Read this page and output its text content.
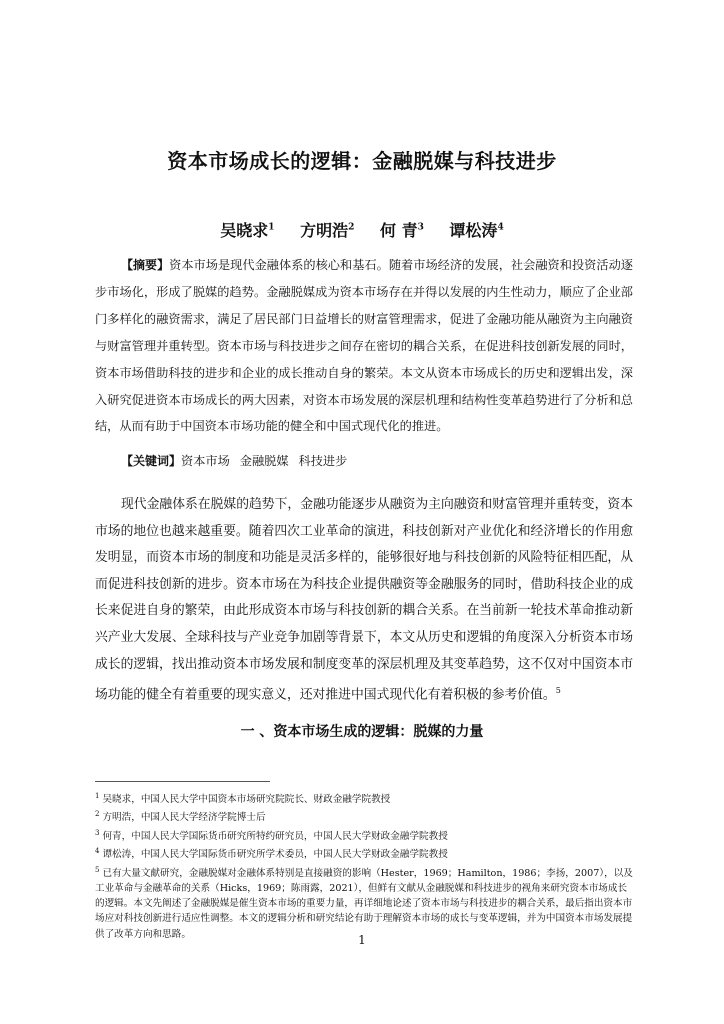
资本市场成长的逻辑：金融脱媒与科技进步

吴晓求$^1$ 方明浩$^2$ 何 青$^3$ 谭松涛$^4$

【摘要】资本市场是现代金融体系的核心和基石。随着市场经济的发展，社会融资和投资活动逐步市场化，形成了脱媒的趋势。金融脱媒成为资本市场存在并得以发展的内生性动力，顺应了企业部门多样化的融资需求，满足了居民部门日益增长的财富管理需求，促进了金融功能从融资为主向融资与财富管理并重转型。资本市场与科技进步之间存在密切的耦合关系，在促进科技创新发展的同时，资本市场借助科技的进步和企业的成长推动自身的繁荣。本文从资本市场成长的历史和逻辑出发，深入研究促进资本市场成长的两大因素，对资本市场发展的深层机理和结构性变革趋势进行了分析和总结，从而有助于中国资本市场功能的健全和中国式现代化的推进。

【关键词】资本市场 金融脱媒 科技进步

现代金融体系在脱媒的趋势下，金融功能逐步从融资为主向融资和财富管理并重转变，资本市场的地位也越来越重要。随着四次工业革命的演进，科技创新对产业优化和经济增长的作用愈发明显，而资本市场的制度和功能是灵活多样的，能够很好地与科技创新的风险特征相匹配，从而促进科技创新的进步。资本市场在为科技企业提供融资等金融服务的同时，借助科技企业的成长来促进自身的繁荣，由此形成资本市场与科技创新的耦合关系。在当前新一轮技术革命推动新兴产业大发展、全球科技与产业竞争加剧等背景下，本文从历史和逻辑的角度深入分析资本市场成长的逻辑，找出推动资本市场发展和制度变革的深层机理及其变革趋势，这不仅对中国资本市场功能的健全有着重要的现实意义，还对推进中国式现代化有着积极的参考价值。$^5$

一 、资本市场生成的逻辑：脱媒的力量
$^1$ 吴晓求，中国人民大学中国资本市场研究院院长、财政金融学院教授
$^2$ 方明浩，中国人民大学经济学院博士后
$^3$ 何青，中国人民大学国际货币研究所特约研究员，中国人民大学财政金融学院教授
$^4$ 谭松涛，中国人民大学国际货币研究所学术委员，中国人民大学财政金融学院教授
$^5$ 已有大量文献研究，金融脱媒对金融体系特别是直接融资的影响（Hester，1969；Hamilton，1986；李扬，2007），以及工业革命与金融革命的关系（Hicks，1969；陈雨露，2021），但鲜有文献从金融脱媒和科技进步的视角来研究资本市场成长的逻辑。本文先阐述了金融脱媒是催生资本市场的重要力量，再详细地论述了资本市场与科技进步的耦合关系，最后指出资本市场应对科技创新进行适应性调整。本文的逻辑分析和研究结论有助于理解资本市场的成长与变革逻辑，并为中国资本市场发展提供了改革方向和思路。	1
